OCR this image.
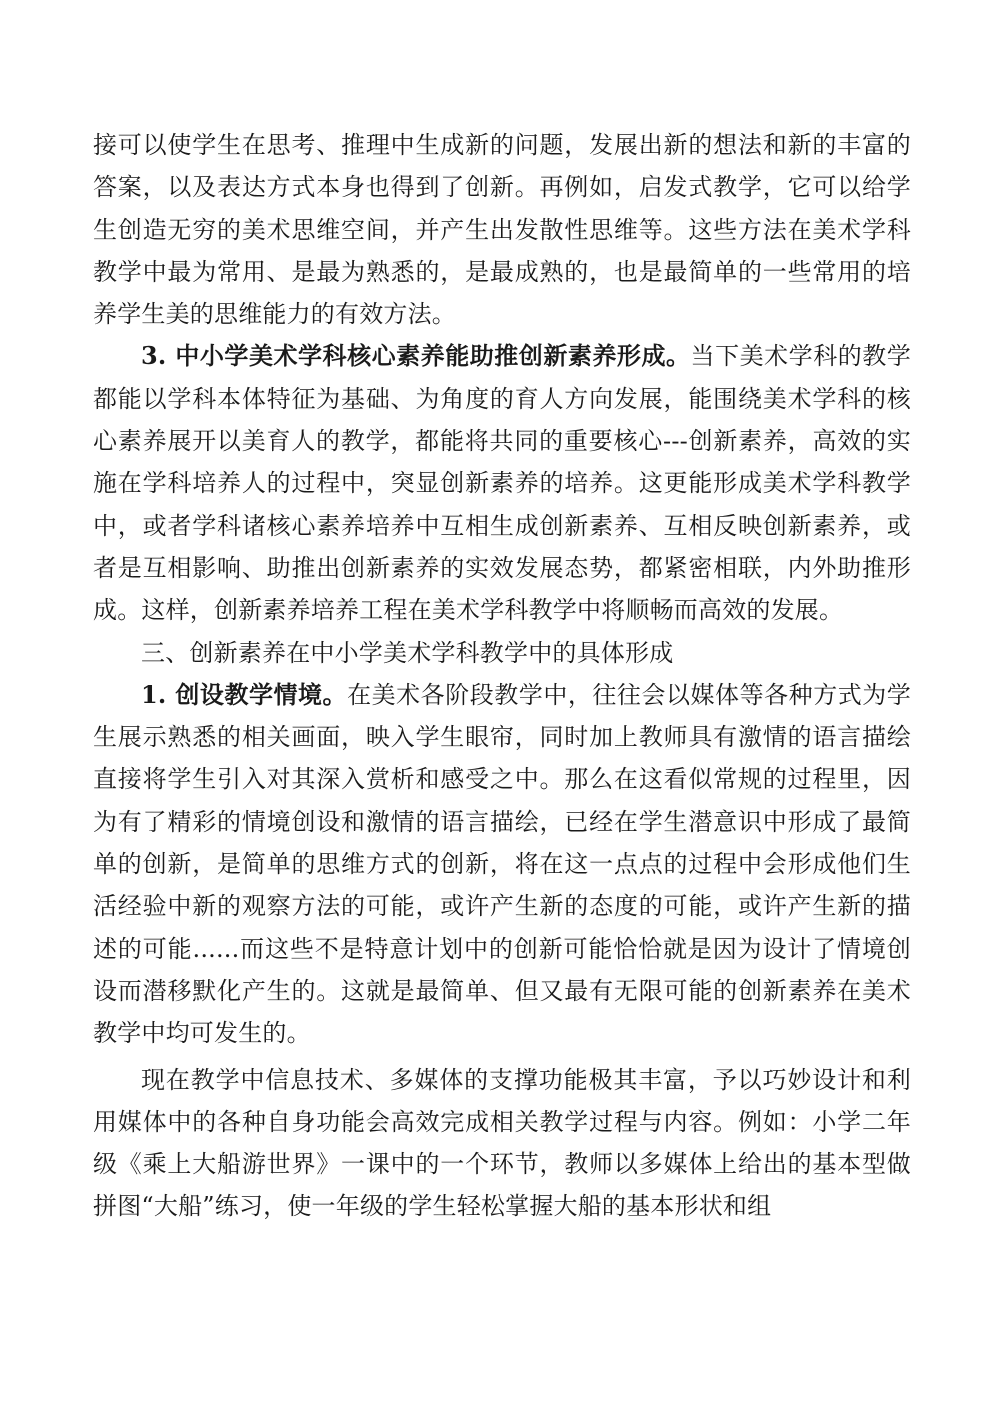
接可以使学生在思考、推理中生成新的问题，发展出新的想法和新的丰富的答案，以及表达方式本身也得到了创新。再例如，启发式教学，它可以给学生创造无穷的美术思维空间，并产生出发散性思维等。这些方法在美术学科教学中最为常用、是最为熟悉的，是最成熟的，也是最简单的一些常用的培养学生美的思维能力的有效方法。

3. 中小学美术学科核心素养能助推创新素养形成。当下美术学科的教学都能以学科本体特征为基础、为角度的育人方向发展，能围绕美术学科的核心素养展开以美育人的教学，都能将共同的重要核心---创新素养，高效的实施在学科培养人的过程中，突显创新素养的培养。这更能形成美术学科教学中，或者学科诸核心素养培养中互相生成创新素养、互相反映创新素养，或者是互相影响、助推出创新素养的实效发展态势，都紧密相联，内外助推形成。这样，创新素养培养工程在美术学科教学中将顺畅而高效的发展。

三、创新素养在中小学美术学科教学中的具体形成

1. 创设教学情境。在美术各阶段教学中，往往会以媒体等各种方式为学生展示熟悉的相关画面，映入学生眼帘，同时加上教师具有激情的语言描绘直接将学生引入对其深入赏析和感受之中。那么在这看似常规的过程里，因为有了精彩的情境创设和激情的语言描绘，已经在学生潜意识中形成了最简单的创新，是简单的思维方式的创新，将在这一点点的过程中会形成他们生活经验中新的观察方法的可能，或许产生新的态度的可能，或许产生新的描述的可能......而这些不是特意计划中的创新可能恰恰就是因为设计了情境创设而潜移默化产生的。这就是最简单、但又最有无限可能的创新素养在美术教学中均可发生的。

现在教学中信息技术、多媒体的支撑功能极其丰富，予以巧妙设计和利用媒体中的各种自身功能会高效完成相关教学过程与内容。例如：小学二年级《乘上大船游世界》一课中的一个环节，教师以多媒体上给出的基本型做拼图“大船”练习，使一年级的学生轻松掌握大船的基本形状和组
